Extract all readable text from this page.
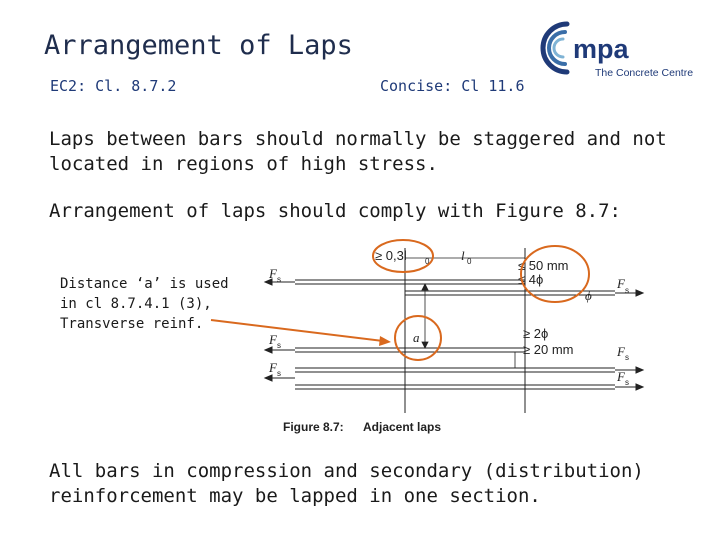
Arrangement of Laps
EC2: Cl. 8.7.2	Concise: Cl 11.6
mpa
The Concrete Centre
Laps between bars should normally be staggered and not located in regions of high stress.
Arrangement of laps should comply with Figure 8.7:
F s
F s
F s
F s
F s
F s
≥ 0,3l 0 l 0	≤ 50 mm
≤ 4ϕ
ϕ
a	≥ 2ϕ
≥ 20 mm
Figure 8.7: Adjacent laps
Distance ‘a’ is used in cl 8.7.4.1 (3), Transverse reinf.
All bars in compression and secondary (distribution) reinforcement may be lapped in one section.
